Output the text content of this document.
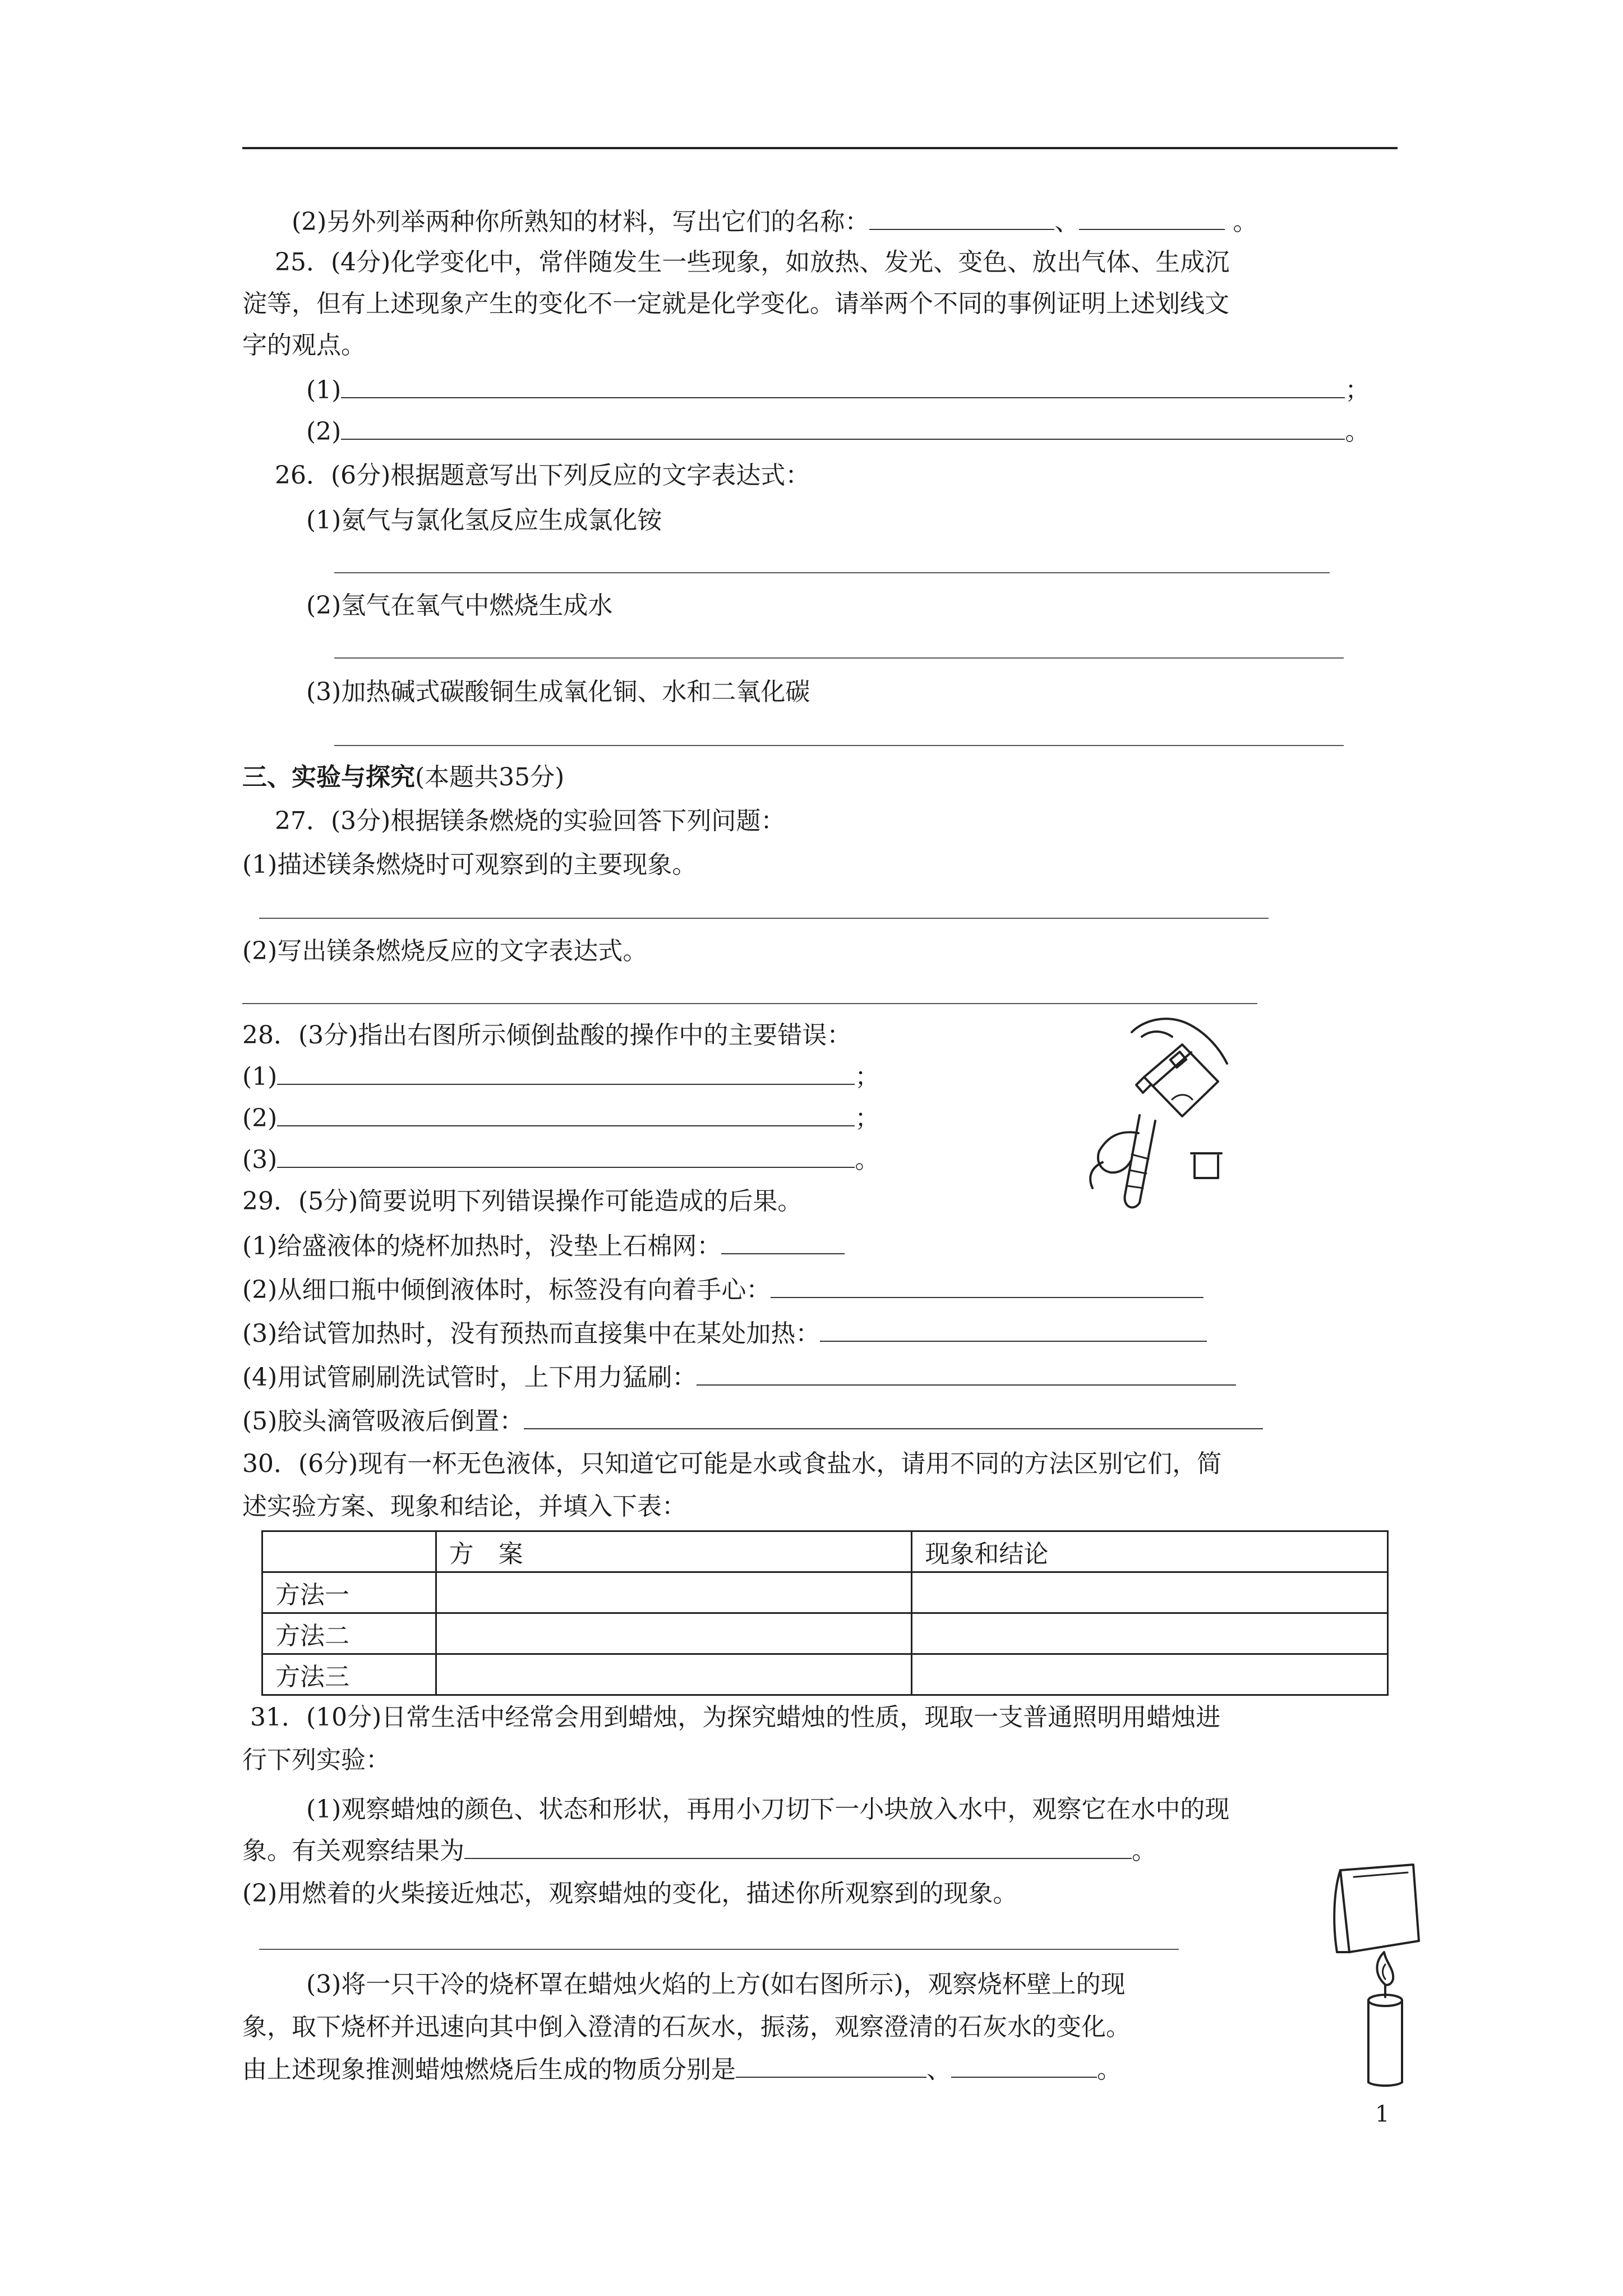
(2)另外列举两种你所熟知的材料，写出它们的名称：	、	。
25．(4分)化学变化中，常伴随发生一些现象，如放热、发光、变色、放出气体、生成沉
淀等，但有上述现象产生的变化不一定就是化学变化。请举两个不同的事例证明上述划线文
字的观点。
(1)	；
(2)	。
26．(6分)根据题意写出下列反应的文字表达式：
(1)氨气与氯化氢反应生成氯化铵
(2)氢气在氧气中燃烧生成水
(3)加热碱式碳酸铜生成氧化铜、水和二氧化碳
三、实验与探究(本题共35分)
27．(3分)根据镁条燃烧的实验回答下列问题：
(1)描述镁条燃烧时可观察到的主要现象。
(2)写出镁条燃烧反应的文字表达式。
28．(3分)指出右图所示倾倒盐酸的操作中的主要错误：
(1)	；
(2)	；
(3)	。
29．(5分)简要说明下列错误操作可能造成的后果。
(1)给盛液体的烧杯加热时，没垫上石棉网：
(2)从细口瓶中倾倒液体时，标签没有向着手心：
(3)给试管加热时，没有预热而直接集中在某处加热：
(4)用试管刷刷洗试管时，上下用力猛刷：
(5)胶头滴管吸液后倒置：
30．(6分)现有一杯无色液体，只知道它可能是水或食盐水，请用不同的方法区别它们，简
述实验方案、现象和结论，并填入下表：
	方　案	现象和结论
方法一		
方法二		
方法三		
31．(10分)日常生活中经常会用到蜡烛，为探究蜡烛的性质，现取一支普通照明用蜡烛进
行下列实验：
(1)观察蜡烛的颜色、状态和形状，再用小刀切下一小块放入水中，观察它在水中的现
象。有关观察结果为	。
(2)用燃着的火柴接近烛芯，观察蜡烛的变化，描述你所观察到的现象。
(3)将一只干冷的烧杯罩在蜡烛火焰的上方(如右图所示)，观察烧杯壁上的现
象，取下烧杯并迅速向其中倒入澄清的石灰水，振荡，观察澄清的石灰水的变化。
由上述现象推测蜡烛燃烧后生成的物质分别是	、	。
1
